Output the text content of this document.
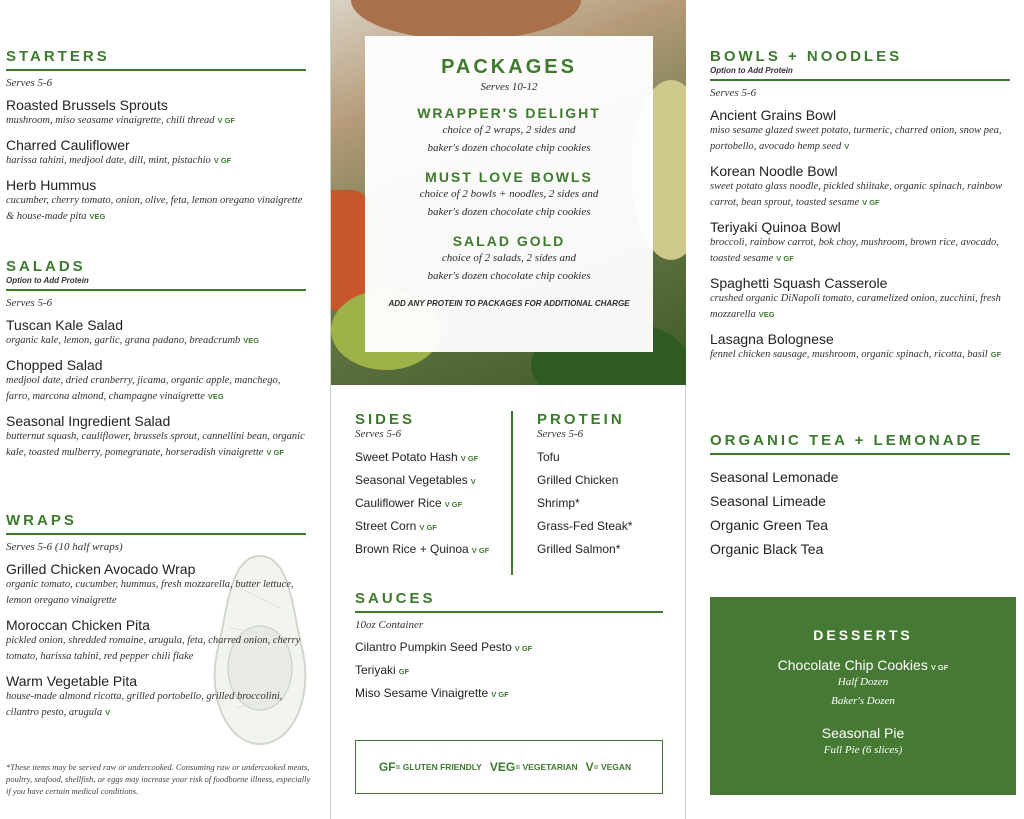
STARTERS
Serves 5-6
Roasted Brussels Sprouts
mushroom, miso seasame vinaigrette, chili thread V GF
Charred Cauliflower
harissa tahini, medjool date, dill, mint, pistachio V GF
Herb Hummus
cucumber, cherry tomato, onion, olive, feta, lemon oregano vinaigrette & house-made pita VEG
SALADS
Option to Add Protein
Serves 5-6
Tuscan Kale Salad
organic kale, lemon, garlic, grana padano, breadcrumb VEG
Chopped Salad
medjool date, dried cranberry, jicama, organic apple, manchego, farro, marcona almond, champagne vinaigrette VEG
Seasonal Ingredient Salad
butternut squash, cauliflower, brussels sprout, cannellini bean, organic kale, toasted mulberry, pomegranate, horseradish vinaigrette V GF
WRAPS
Serves 5-6 (10 half wraps)
Grilled Chicken Avocado Wrap
organic tomato, cucumber, hummus, fresh mozzarella, butter lettuce, lemon oregano vinaigrette
Moroccan Chicken Pita
pickled onion, shredded romaine, arugula, feta, charred onion, cherry tomato, harissa tahini, red pepper chili flake
Warm Vegetable Pita
house-made almond ricotta, grilled portobello, grilled broccolini, cilantro pesto, arugula V
*These items may be served raw or undercooked. Consuming raw or undercooked meats, poultry, seafood, shellfish, or eggs may increase your risk of foodborne illness, especially if you have certain medical conditions.
PACKAGES
Serves 10-12
WRAPPER'S DELIGHT
choice of 2 wraps, 2 sides and
baker's dozen chocolate chip cookies
MUST LOVE BOWLS
choice of 2 bowls + noodles, 2 sides and
baker's dozen chocolate chip cookies
SALAD GOLD
choice of 2 salads, 2 sides and
baker's dozen chocolate chip cookies
ADD ANY PROTEIN TO PACKAGES FOR ADDITIONAL CHARGE
SIDES
Serves 5-6
Sweet Potato Hash V GF
Seasonal Vegetables V
Cauliflower Rice V GF
Street Corn V GF
Brown Rice + Quinoa V GF
PROTEIN
Serves 5-6
Tofu
Grilled Chicken
Shrimp*
Grass-Fed Steak*
Grilled Salmon*
SAUCES
10oz Container
Cilantro Pumpkin Seed Pesto V GF
Teriyaki GF
Miso Sesame Vinaigrette V GF
GF = GLUTEN FRIENDLY VEG = VEGETARIAN V = VEGAN
BOWLS + NOODLES
Option to Add Protein
Serves 5-6
Ancient Grains Bowl
miso sesame glazed sweet potato, turmeric, charred onion, snow pea, portobello, avocado hemp seed V
Korean Noodle Bowl
sweet potato glass noodle, pickled shiitake, organic spinach, rainbow carrot, bean sprout, toasted sesame V GF
Teriyaki Quinoa Bowl
broccoli, rainbow carrot, bok choy, mushroom, brown rice, avocado, toasted sesame V GF
Spaghetti Squash Casserole
crushed organic DiNapoli tomato, caramelized onion, zucchini, fresh mozzarella VEG
Lasagna Bolognese
fennel chicken sausage, mushroom, organic spinach, ricotta, basil GF
ORGANIC TEA + LEMONADE
Seasonal Lemonade
Seasonal Limeade
Organic Green Tea
Organic Black Tea
DESSERTS
Chocolate Chip Cookies V GF
Half Dozen
Baker's Dozen
Seasonal Pie
Full Pie (6 slices)
